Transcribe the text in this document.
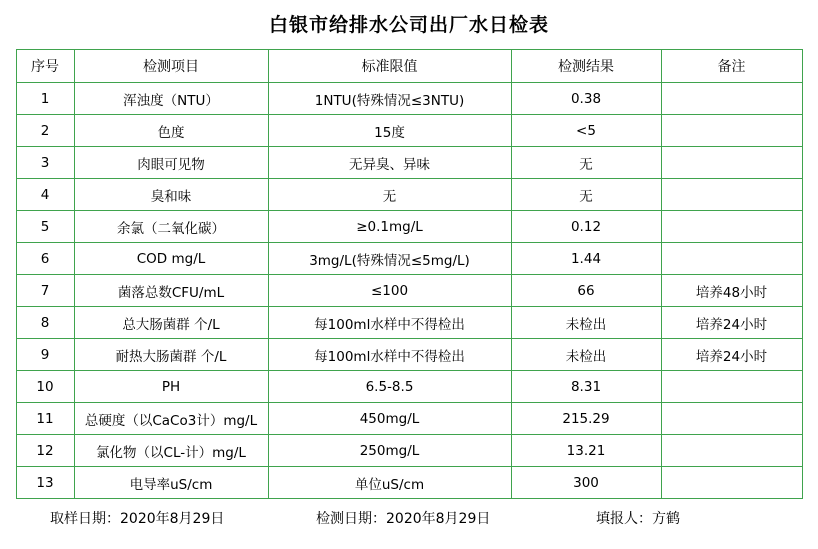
白银市给排水公司出厂水日检表
序号	检测项目	标准限值	检测结果	备注
1	浑浊度（NTU）	1NTU(特殊情况≤3NTU)	0.38	
2	色度	15度	<5	
3	肉眼可见物	无异臭、异味	无	
4	臭和味	无	无	
5	余氯（二氧化碳）	≥0.1mg/L	0.12	
6	COD mg/L	3mg/L(特殊情况≤5mg/L)	1.44	
7	菌落总数CFU/mL	≤100	66	培养48小时
8	总大肠菌群 个/L	每100ml水样中不得检出	未检出	培养24小时
9	耐热大肠菌群 个/L	每100ml水样中不得检出	未检出	培养24小时
10	PH	6.5-8.5	8.31	
11	总硬度（以CaCo3计）mg/L	450mg/L	215.29	
12	氯化物（以CL-计）mg/L	250mg/L	13.21	
13	电导率uS/cm	单位uS/cm	300	
取样日期：2020年8月29日	检测日期：2020年8月29日	填报人：方鹤
